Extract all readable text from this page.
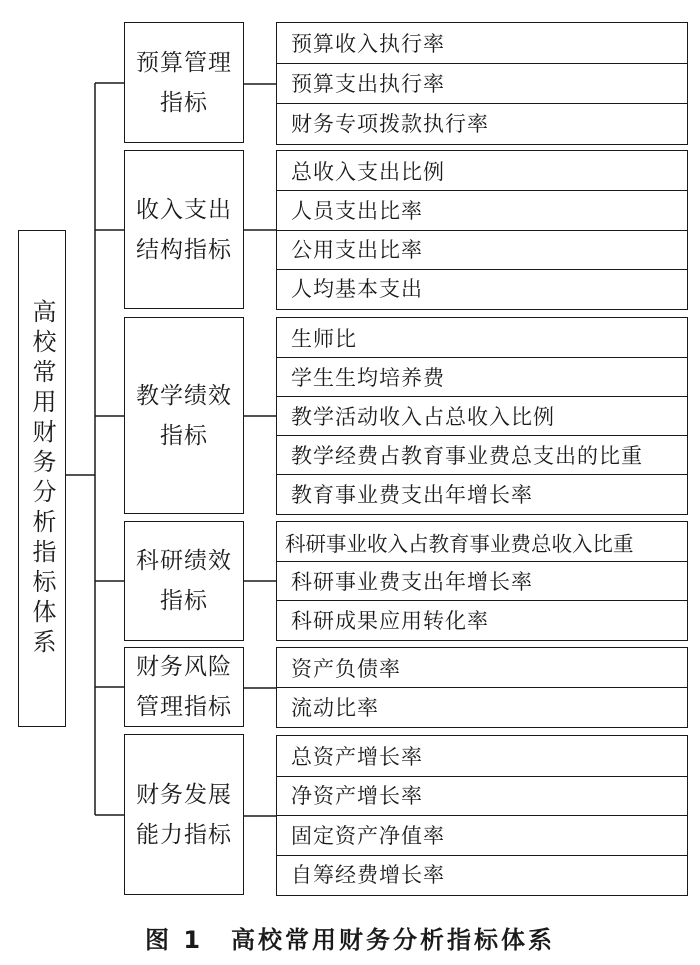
高校常用财务分析指标体系
预算管理
指标
预算收入执行率
预算支出执行率
财务专项拨款执行率
收入支出
结构指标
总收入支出比例
人员支出比率
公用支出比率
人均基本支出
教学绩效
指标
生师比
学生生均培养费
教学活动收入占总收入比例
教学经费占教育事业费总支出的比重
教育事业费支出年增长率
科研绩效
指标
科研事业收入占教育事业费总收入比重
科研事业费支出年增长率
科研成果应用转化率
财务风险
管理指标
资产负债率
流动比率
财务发展
能力指标
总资产增长率
净资产增长率
固定资产净值率
自筹经费增长率
图 1 高校常用财务分析指标体系
